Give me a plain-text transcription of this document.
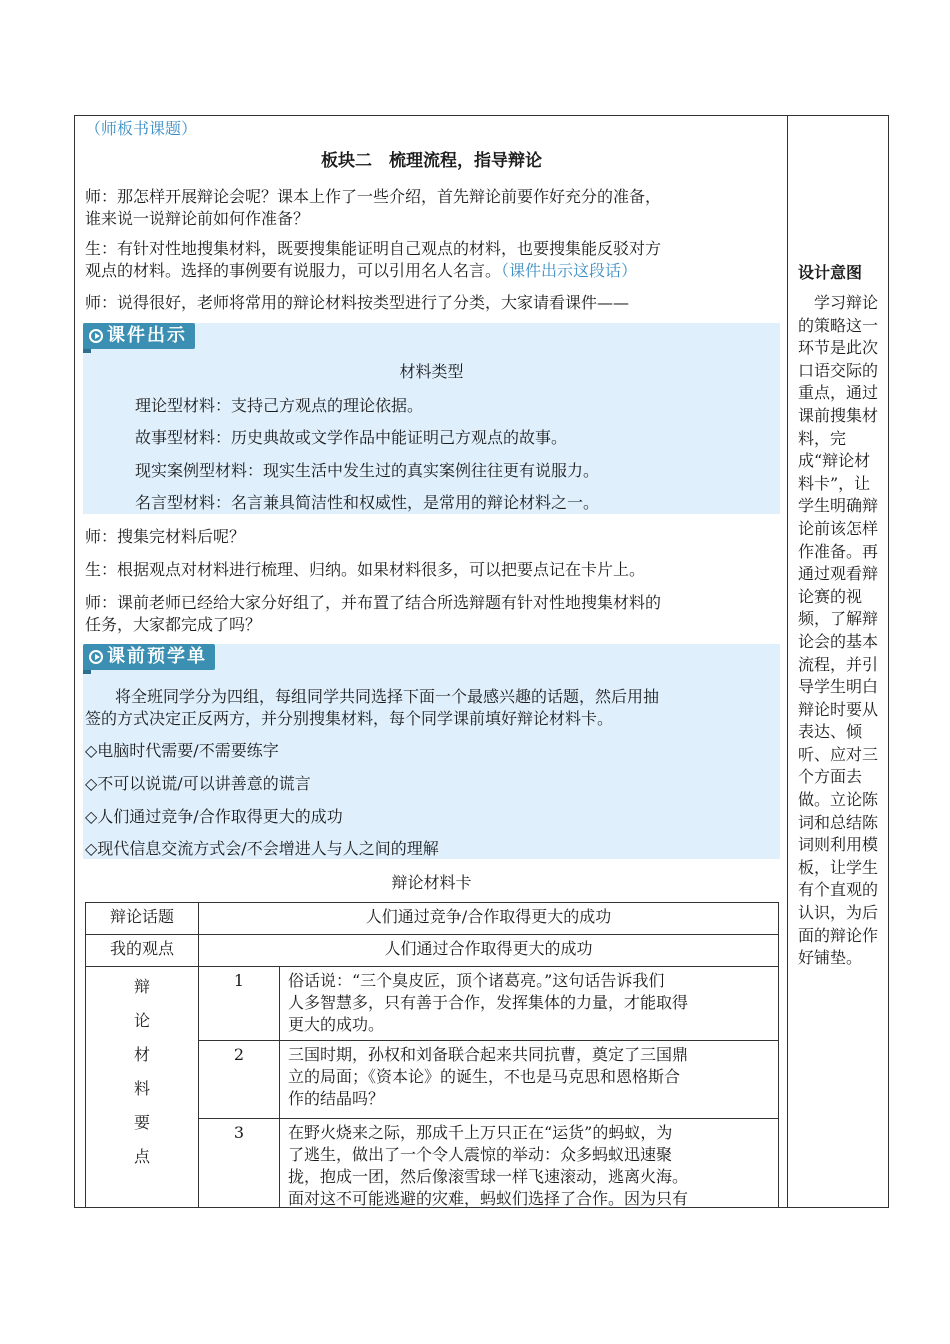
（师板书课题）
板块二　梳理流程，指导辩论
师：那怎样开展辩论会呢？课本上作了一些介绍，首先辩论前要作好充分的准备，
谁来说一说辩论前如何作准备？
生：有针对性地搜集材料，既要搜集能证明自己观点的材料，也要搜集能反驳对方
观点的材料。选择的事例要有说服力，可以引用名人名言。（课件出示这段话）
师：说得很好，老师将常用的辩论材料按类型进行了分类，大家请看课件——
课件出示
材料类型
理论型材料：支持己方观点的理论依据。
故事型材料：历史典故或文学作品中能证明己方观点的故事。
现实案例型材料：现实生活中发生过的真实案例往往更有说服力。
名言型材料：名言兼具简洁性和权威性，是常用的辩论材料之一。
师：搜集完材料后呢？
生：根据观点对材料进行梳理、归纳。如果材料很多，可以把要点记在卡片上。
师：课前老师已经给大家分好组了，并布置了结合所选辩题有针对性地搜集材料的
任务，大家都完成了吗？
课前预学单
将全班同学分为四组，每组同学共同选择下面一个最感兴趣的话题，然后用抽
签的方式决定正反两方，并分别搜集材料，每个同学课前填好辩论材料卡。
◇电脑时代需要/不需要练字
◇不可以说谎/可以讲善意的谎言
◇人们通过竞争/合作取得更大的成功
◇现代信息交流方式会/不会增进人与人之间的理解
辩论材料卡
辩论话题	人们通过竞争/合作取得更大的成功	
我的观点	人们通过合作取得更大的成功	

辩
论
材
料
要
点
	1	俗话说：“三个臭皮匠，顶个诸葛亮。”这句话告诉我们
人多智慧多，只有善于合作，发挥集体的力量，才能取得
更大的成功。

	2	三国时期，孙权和刘备联合起来共同抗曹，奠定了三国鼎
立的局面；《资本论》的诞生，不也是马克思和恩格斯合
作的结晶吗？

	3	在野火烧来之际，那成千上万只正在“运货”的蚂蚁，为
了逃生，做出了一个令人震惊的举动：众多蚂蚁迅速聚
拢，抱成一团，然后像滚雪球一样飞速滚动，逃离火海。
面对这不可能逃避的灾难，蚂蚁们选择了合作。因为只有
设计意图
　学习辩论的策略这一环节是此次口语交际的重点，通过课前搜集材料，完成“辩论材料卡”，让学生明确辩论前该怎样作准备。再通过观看辩论赛的视频，了解辩论会的基本流程，并引导学生明白辩论时要从表达、倾听、应对三个方面去做。立论陈词和总结陈词则利用模板，让学生有个直观的认识，为后面的辩论作好铺垫。
